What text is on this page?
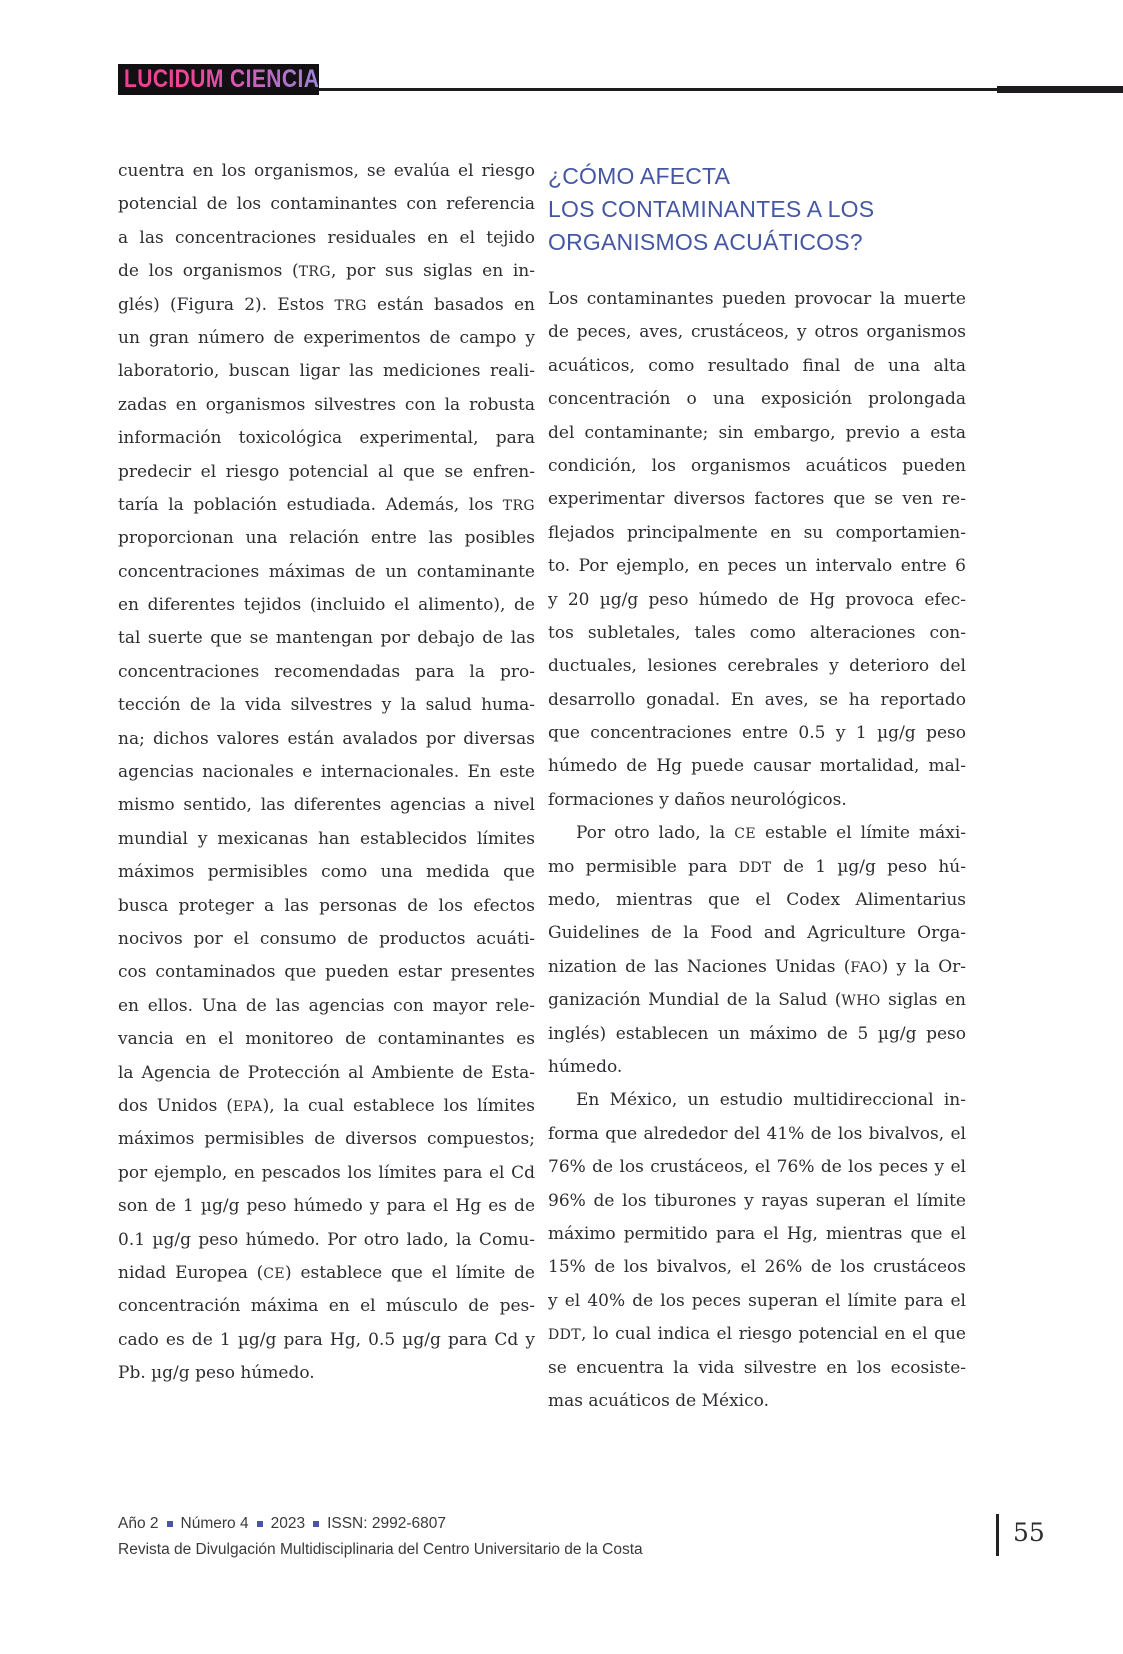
LUCIDUM CIENCIA
cuentra en los organismos, se evalúa el riesgo
potencial de los contaminantes con referencia
a las concentraciones residuales en el tejido
de los organismos (TRG, por sus siglas en in-
glés) (Figura 2). Estos TRG están basados en
un gran número de experimentos de campo y
laboratorio, buscan ligar las mediciones reali-
zadas en organismos silvestres con la robusta
información toxicológica experimental, para
predecir el riesgo potencial al que se enfren-
taría la población estudiada. Además, los TRG
proporcionan una relación entre las posibles
concentraciones máximas de un contaminante
en diferentes tejidos (incluido el alimento), de
tal suerte que se mantengan por debajo de las
concentraciones recomendadas para la pro-
tección de la vida silvestres y la salud huma-
na; dichos valores están avalados por diversas
agencias nacionales e internacionales. En este
mismo sentido, las diferentes agencias a nivel
mundial y mexicanas han establecidos límites
máximos permisibles como una medida que
busca proteger a las personas de los efectos
nocivos por el consumo de productos acuáti-
cos contaminados que pueden estar presentes
en ellos. Una de las agencias con mayor rele-
vancia en el monitoreo de contaminantes es
la Agencia de Protección al Ambiente de Esta-
dos Unidos (EPA), la cual establece los límites
máximos permisibles de diversos compuestos;
por ejemplo, en pescados los límites para el Cd
son de 1 µg/g peso húmedo y para el Hg es de
0.1 µg/g peso húmedo. Por otro lado, la Comu-
nidad Europea (CE) establece que el límite de
concentración máxima en el músculo de pes-
cado es de 1 µg/g para Hg, 0.5 µg/g para Cd y
Pb. µg/g peso húmedo.
¿CÓMO AFECTA
LOS CONTAMINANTES A LOS
ORGANISMOS ACUÁTICOS?
Los contaminantes pueden provocar la muerte
de peces, aves, crustáceos, y otros organismos
acuáticos, como resultado final de una alta
concentración o una exposición prolongada
del contaminante; sin embargo, previo a esta
condición, los organismos acuáticos pueden
experimentar diversos factores que se ven re-
flejados principalmente en su comportamien-
to. Por ejemplo, en peces un intervalo entre 6
y 20 µg/g peso húmedo de Hg provoca efec-
tos subletales, tales como alteraciones con-
ductuales, lesiones cerebrales y deterioro del
desarrollo gonadal. En aves, se ha reportado
que concentraciones entre 0.5 y 1 µg/g peso
húmedo de Hg puede causar mortalidad, mal-
formaciones y daños neurológicos.
Por otro lado, la CE estable el límite máxi-
mo permisible para DDT de 1 µg/g peso hú-
medo, mientras que el Codex Alimentarius
Guidelines de la Food and Agriculture Orga-
nization de las Naciones Unidas (FAO) y la Or-
ganización Mundial de la Salud (WHO siglas en
inglés) establecen un máximo de 5 µg/g peso
húmedo.
En México, un estudio multidireccional in-
forma que alrededor del 41% de los bivalvos, el
76% de los crustáceos, el 76% de los peces y el
96% de los tiburones y rayas superan el límite
máximo permitido para el Hg, mientras que el
15% de los bivalvos, el 26% de los crustáceos
y el 40% de los peces superan el límite para el
DDT, lo cual indica el riesgo potencial en el que
se encuentra la vida silvestre en los ecosiste-
mas acuáticos de México.
Año 2 Número 4 2023 ISSN: 2992-6807
Revista de Divulgación Multidisciplinaria del Centro Universitario de la Costa
55
